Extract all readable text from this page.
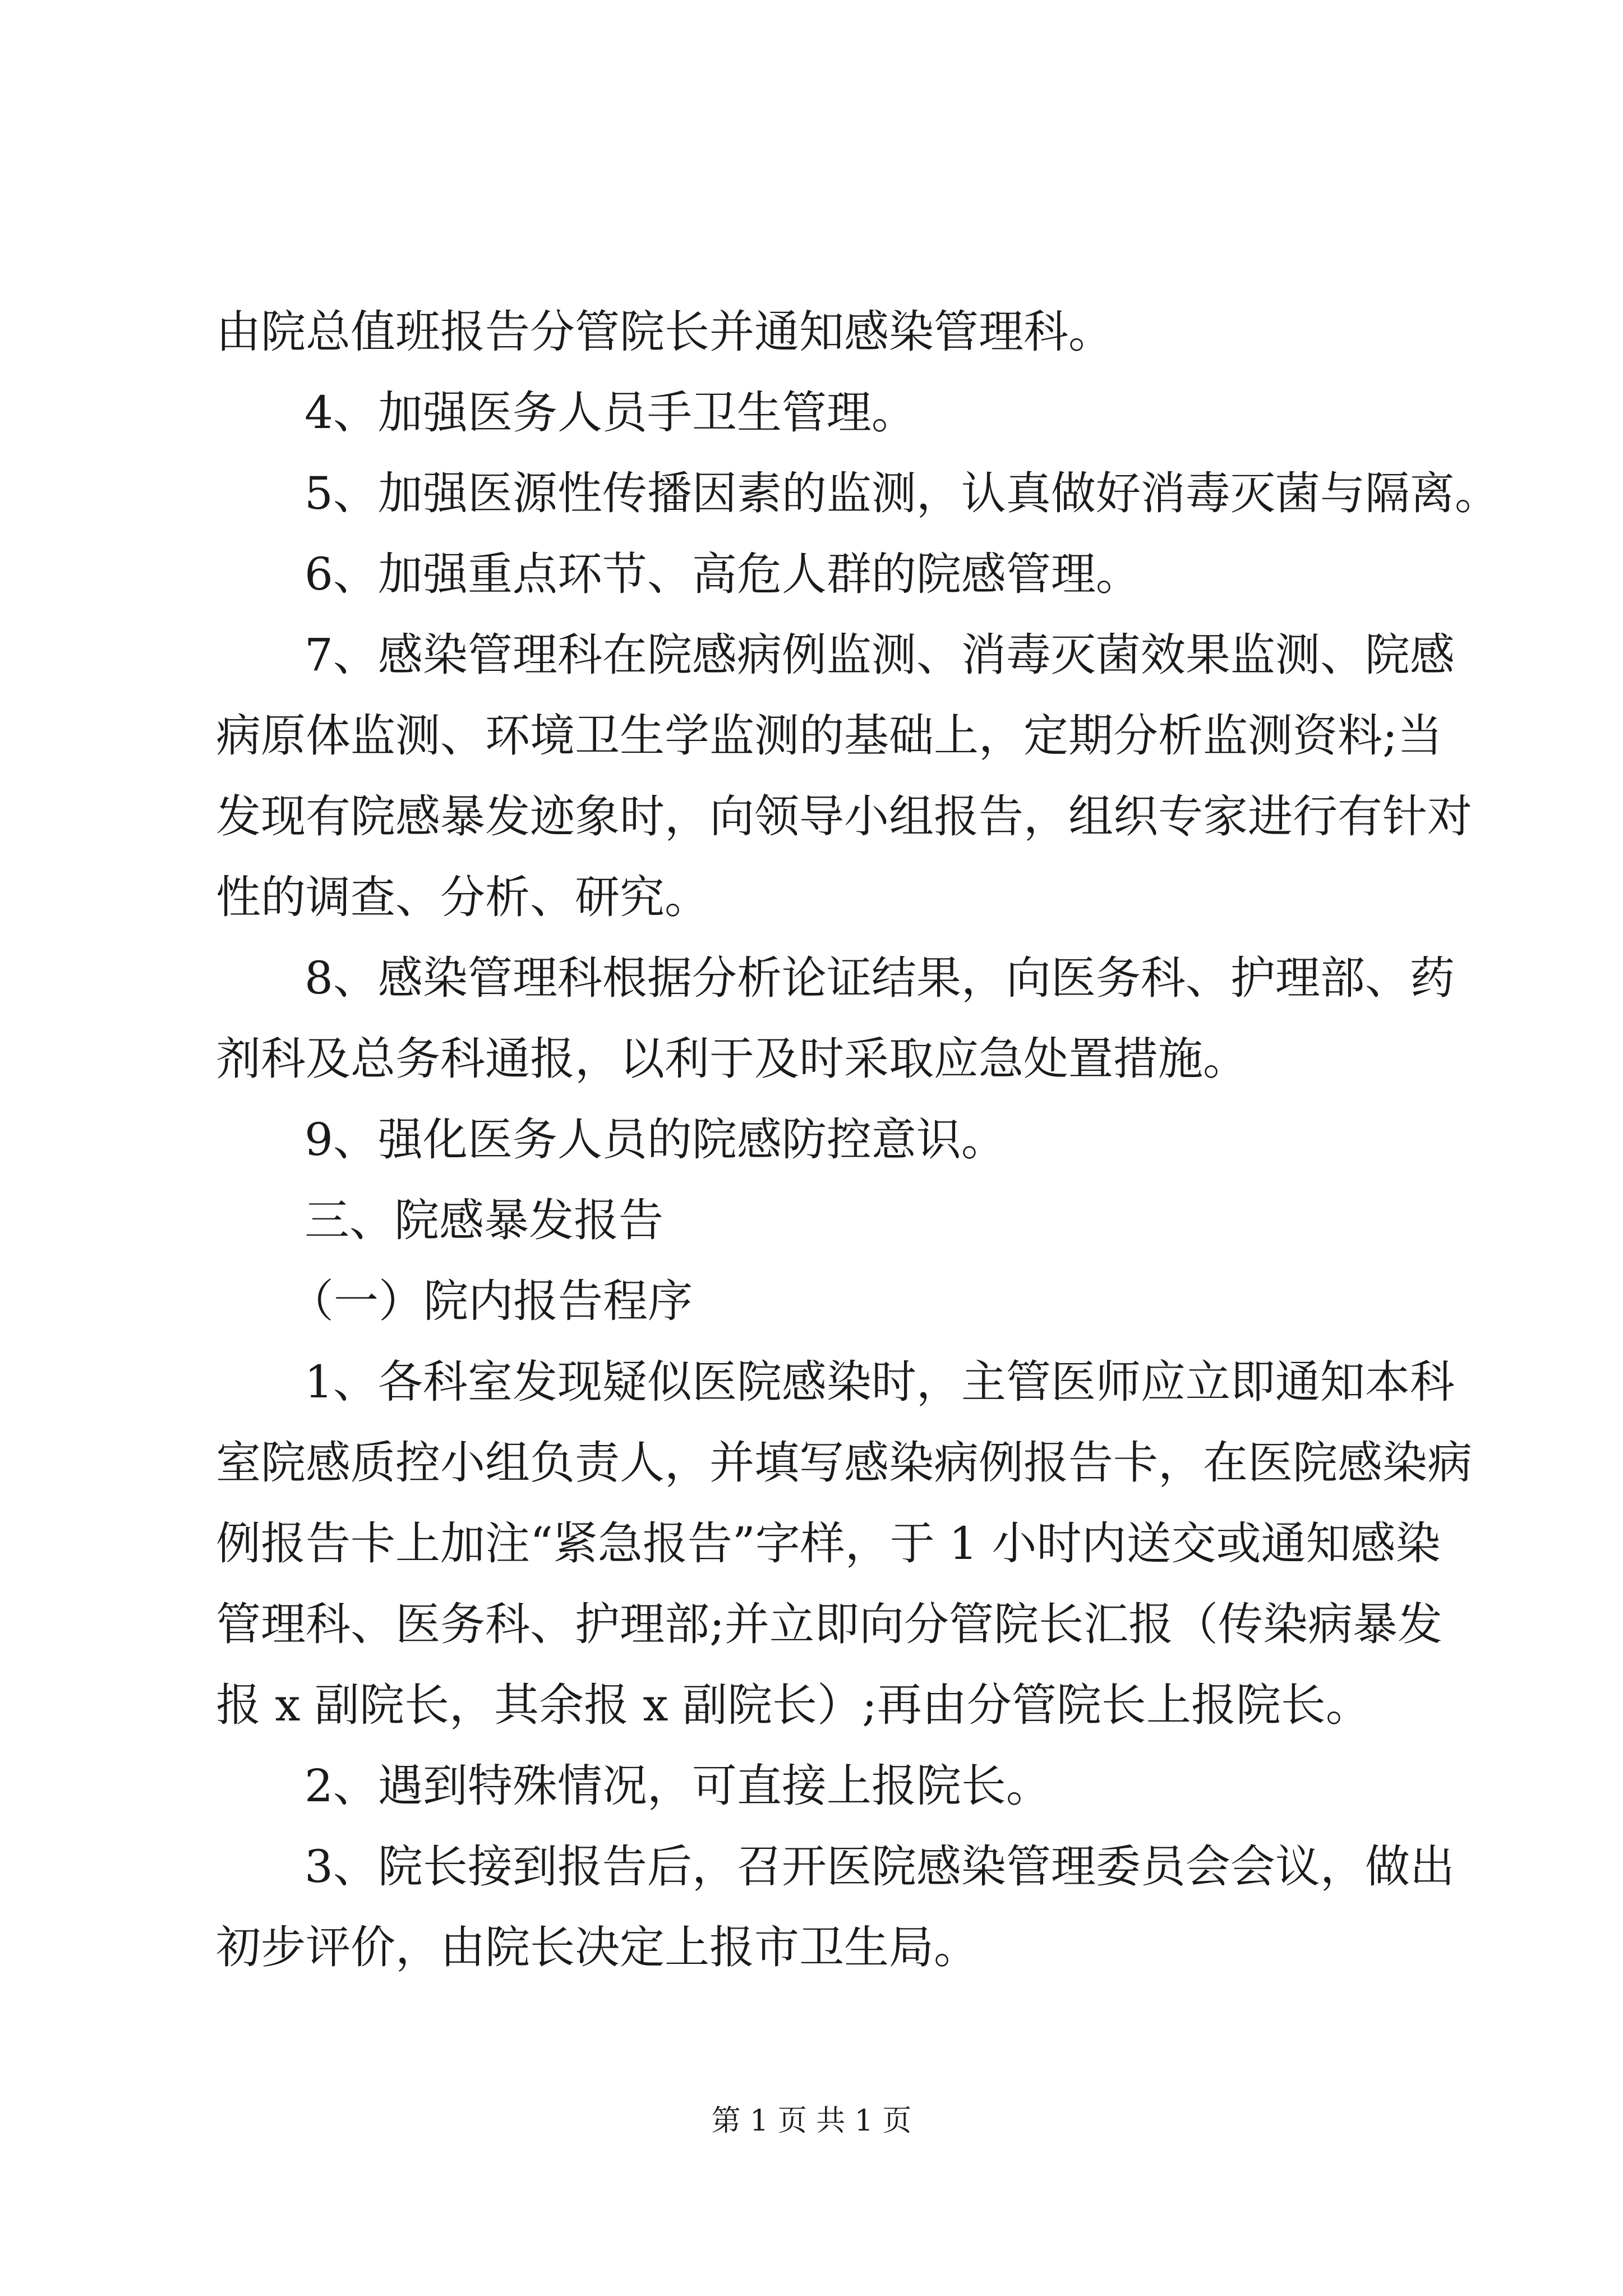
由院总值班报告分管院长并通知感染管理科。
4、加强医务人员手卫生管理。
5、加强医源性传播因素的监测，认真做好消毒灭菌与隔离。
6、加强重点环节、高危人群的院感管理。
7、感染管理科在院感病例监测、消毒灭菌效果监测、院感
病原体监测、环境卫生学监测的基础上，定期分析监测资料;当
发现有院感暴发迹象时，向领导小组报告，组织专家进行有针对
性的调查、分析、研究。
8、感染管理科根据分析论证结果，向医务科、护理部、药
剂科及总务科通报，以利于及时采取应急处置措施。
9、强化医务人员的院感防控意识。
三、院感暴发报告
（一）院内报告程序
1、各科室发现疑似医院感染时，主管医师应立即通知本科
室院感质控小组负责人，并填写感染病例报告卡，在医院感染病
例报告卡上加注“紧急报告”字样，于 1 小时内送交或通知感染
管理科、医务科、护理部;并立即向分管院长汇报（传染病暴发
报 x 副院长，其余报 x 副院长）;再由分管院长上报院长。
2、遇到特殊情况，可直接上报院长。
3、院长接到报告后，召开医院感染管理委员会会议，做出
初步评价，由院长决定上报市卫生局。
第 1 页 共 1 页
